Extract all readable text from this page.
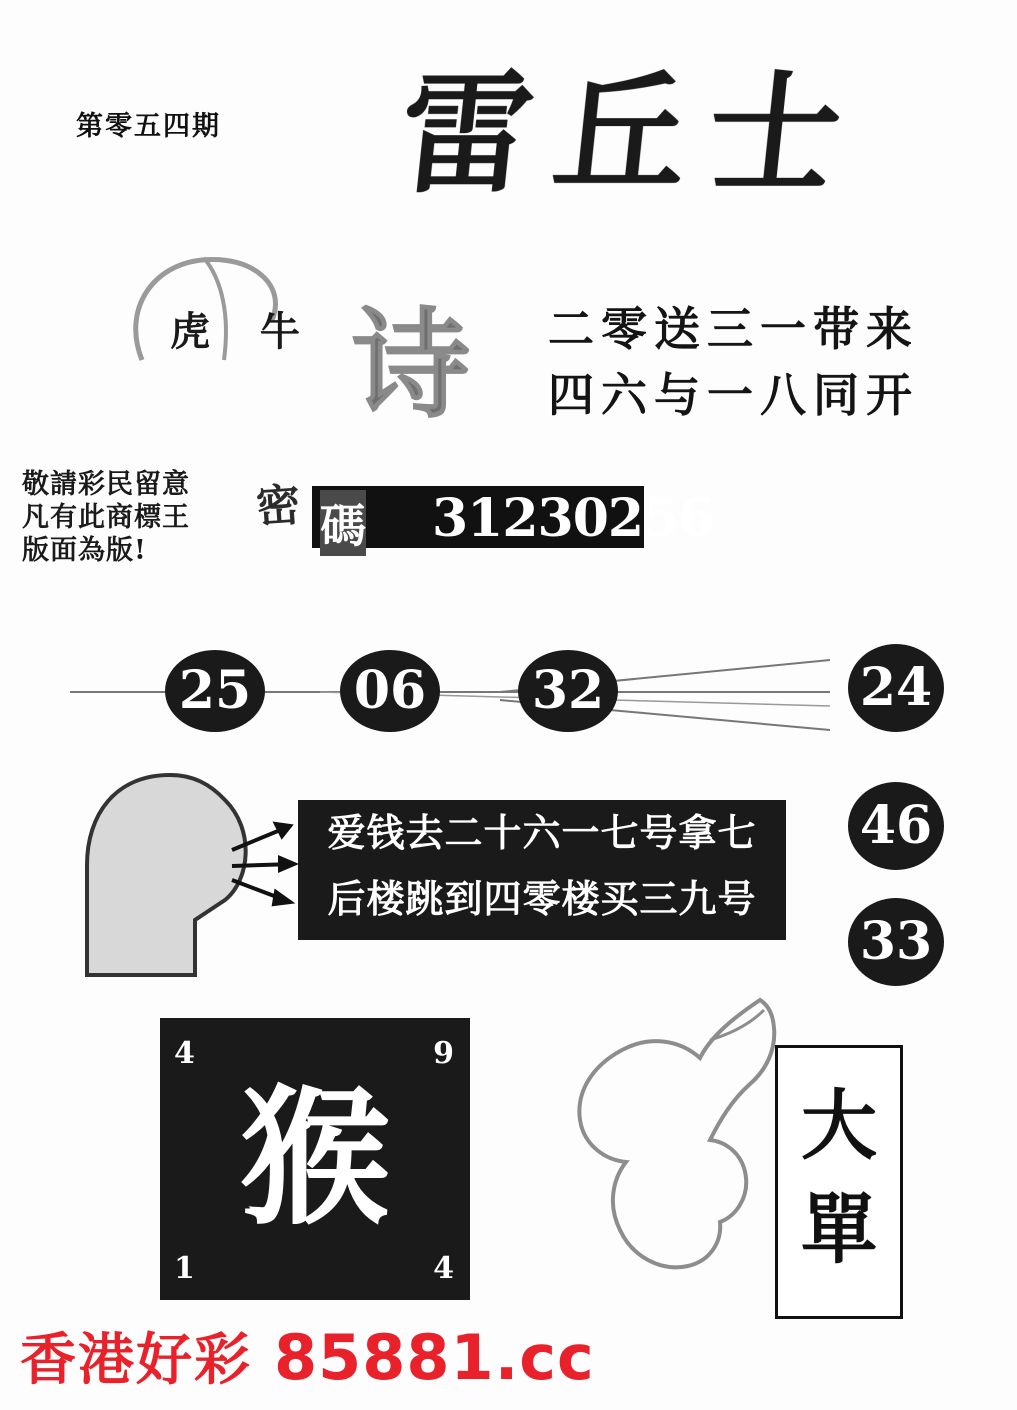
第零五四期 雷丘士
虎 牛 诗 二零送三一带来
四六与一八同开
敬請彩民留意
凡有此商標王
版面為版!
密 碼 31230256
25 06 32	24
46
33
爱钱去二十六一七号拿七
后楼跳到四零楼买三九号
4	9
猴
1	4
大
單
香港好彩 85881.cc
